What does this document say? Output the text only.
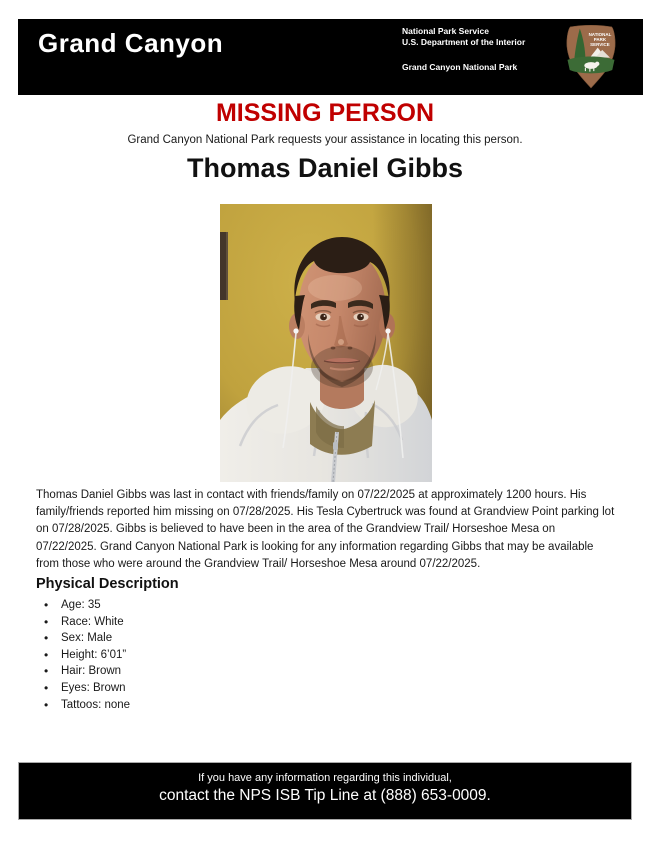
Grand Canyon	National Park Service
U.S. Department of the Interior
Grand Canyon National Park
NATIONAL
PARK
SERVICE
MISSING PERSON
Grand Canyon National Park requests your assistance in locating this person.
Thomas Daniel Gibbs
Thomas Daniel Gibbs was last in contact with friends/family on 07/22/2025 at approximately 1200 hours. His family/friends reported him missing on 07/28/2025. His Tesla Cybertruck was found at Grandview Point parking lot on 07/28/2025. Gibbs is believed to have been in the area of the Grandview Trail/ Horseshoe Mesa on 07/22/2025. Grand Canyon National Park is looking for any information regarding Gibbs that may be available from those who were around the Grandview Trail/ Horseshoe Mesa around 07/22/2025.
Physical Description
• Age: 35
• Race: White
• Sex: Male
• Height: 6’01”
• Hair: Brown
• Eyes: Brown
• Tattoos: none
If you have any information regarding this individual,
contact the NPS ISB Tip Line at (888) 653-0009.
